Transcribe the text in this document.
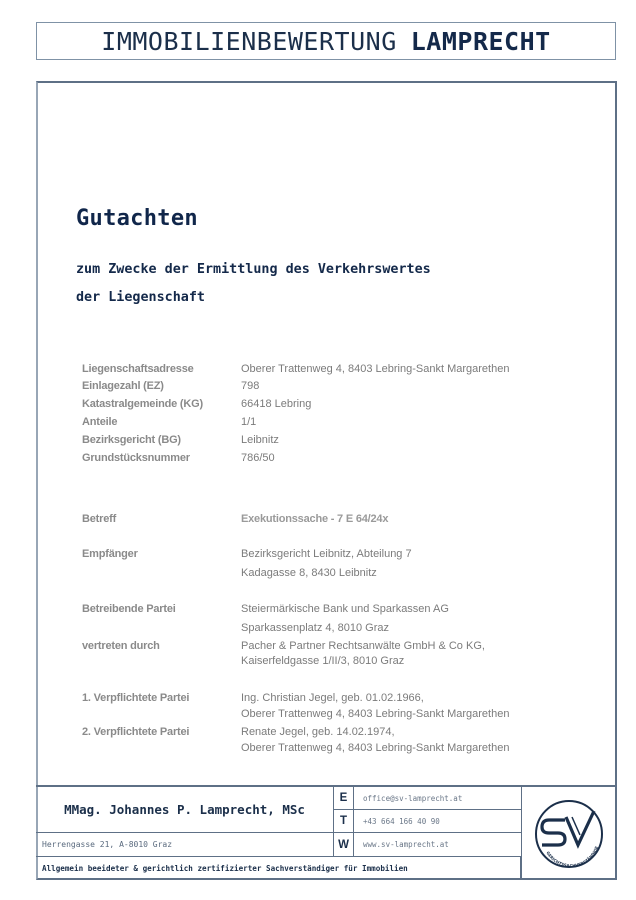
IMMOBILIENBEWERTUNG LAMPRECHT
Gutachten
zum Zwecke der Ermittlung des Verkehrswertes
der Liegenschaft
Liegenschaftsadresse	Oberer Trattenweg 4, 8403 Lebring-Sankt Margarethen
Einlagezahl (EZ)	798
Katastralgemeinde (KG)	66418 Lebring
Anteile	1/1
Bezirksgericht (BG)	Leibnitz
Grundstücksnummer	786/50
Betreff	Exekutionssache - 7 E 64/24x
Empfänger	Bezirksgericht Leibnitz, Abteilung 7
Kadagasse 8, 8430 Leibnitz
Betreibende Partei	Steiermärkische Bank und Sparkassen AG
Sparkassenplatz 4, 8010 Graz
vertreten durch	Pacher & Partner Rechtsanwälte GmbH & Co KG,
Kaiserfeldgasse 1/II/3, 8010 Graz
1. Verpflichtete Partei	Ing. Christian Jegel, geb. 01.02.1966,
Oberer Trattenweg 4, 8403 Lebring-Sankt Margarethen
2. Verpflichtete Partei	Renate Jegel, geb. 14.02.1974,
Oberer Trattenweg 4, 8403 Lebring-Sankt Margarethen
MMag. Johannes P. Lamprecht, MSc
Herrengasse 21, A-8010 Graz
E	office@sv-lamprecht.at
T	+43 664 166 40 90
W	www.sv-lamprecht.at
Allgemein beeideter & gerichtlich zertifizierter Sachverständiger für Immobilien
GERICHTSSACHVERSTÄNDIGE
